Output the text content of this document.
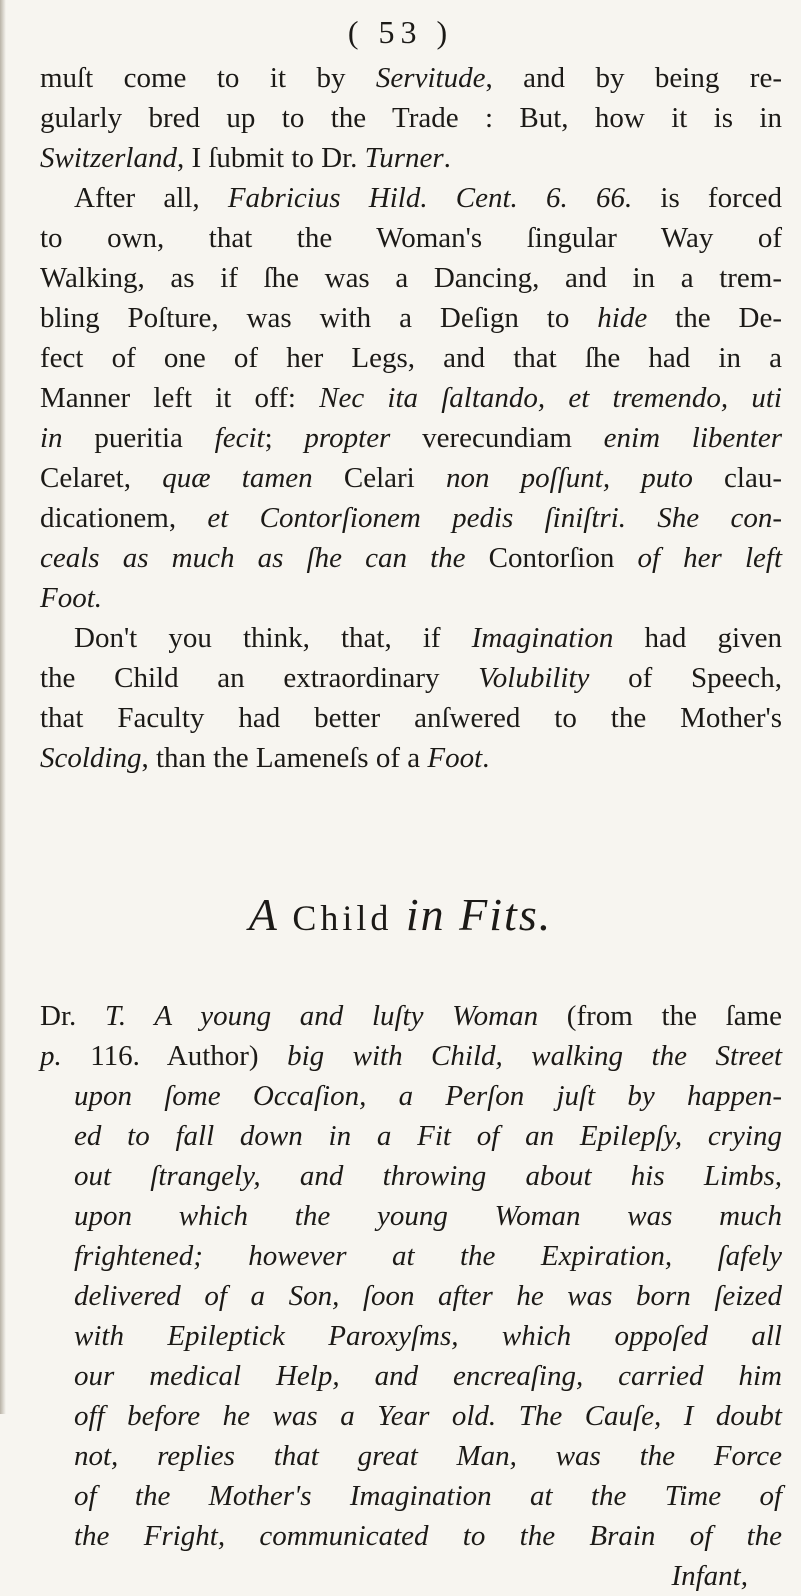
( 53 )

muſt come to it by Servitude, and by being re-
gularly bred up to the Trade : But, how it is in
Switzerland, I ſubmit to Dr. Turner.

After all, Fabricius Hild. Cent. 6. 66. is forced
to own, that the Woman's ſingular Way of
Walking, as if ſhe was a Dancing, and in a trem-
bling Poſture, was with a Deſign to hide the De-
fect of one of her Legs, and that ſhe had in a
Manner left it off: Nec ita ſaltando, et tremendo, uti
in pueritia fecit; propter verecundiam enim libenter
Celaret, quæ tamen Celari non poſſunt, puto clau-
dicationem, et Contorſionem pedis ſiniſtri. She con-
ceals as much as ſhe can the Contorſion of her left
Foot.

Don't you think, that, if Imagination had given
the Child an extraordinary Volubility of Speech,
that Faculty had better anſwered to the Mother's
Scolding, than the Lameneſs of a Foot.

A Child in Fits.

Dr. T. A young and luſty Woman (from the ſame
p. 116. Author) big with Child, walking the Street
upon ſome Occaſion, a Perſon juſt by happen-
ed to fall down in a Fit of an Epilepſy, crying
out ſtrangely, and throwing about his Limbs,
upon which the young Woman was much
frightened; however at the Expiration, ſafely
delivered of a Son, ſoon after he was born ſeized
with Epileptick Paroxyſms, which oppoſed all
our medical Help, and encreaſing, carried him
off before he was a Year old. The Cauſe, I doubt
not, replies that great Man, was the Force
of the Mother's Imagination at the Time of
the Fright, communicated to the Brain of the
Infant,
